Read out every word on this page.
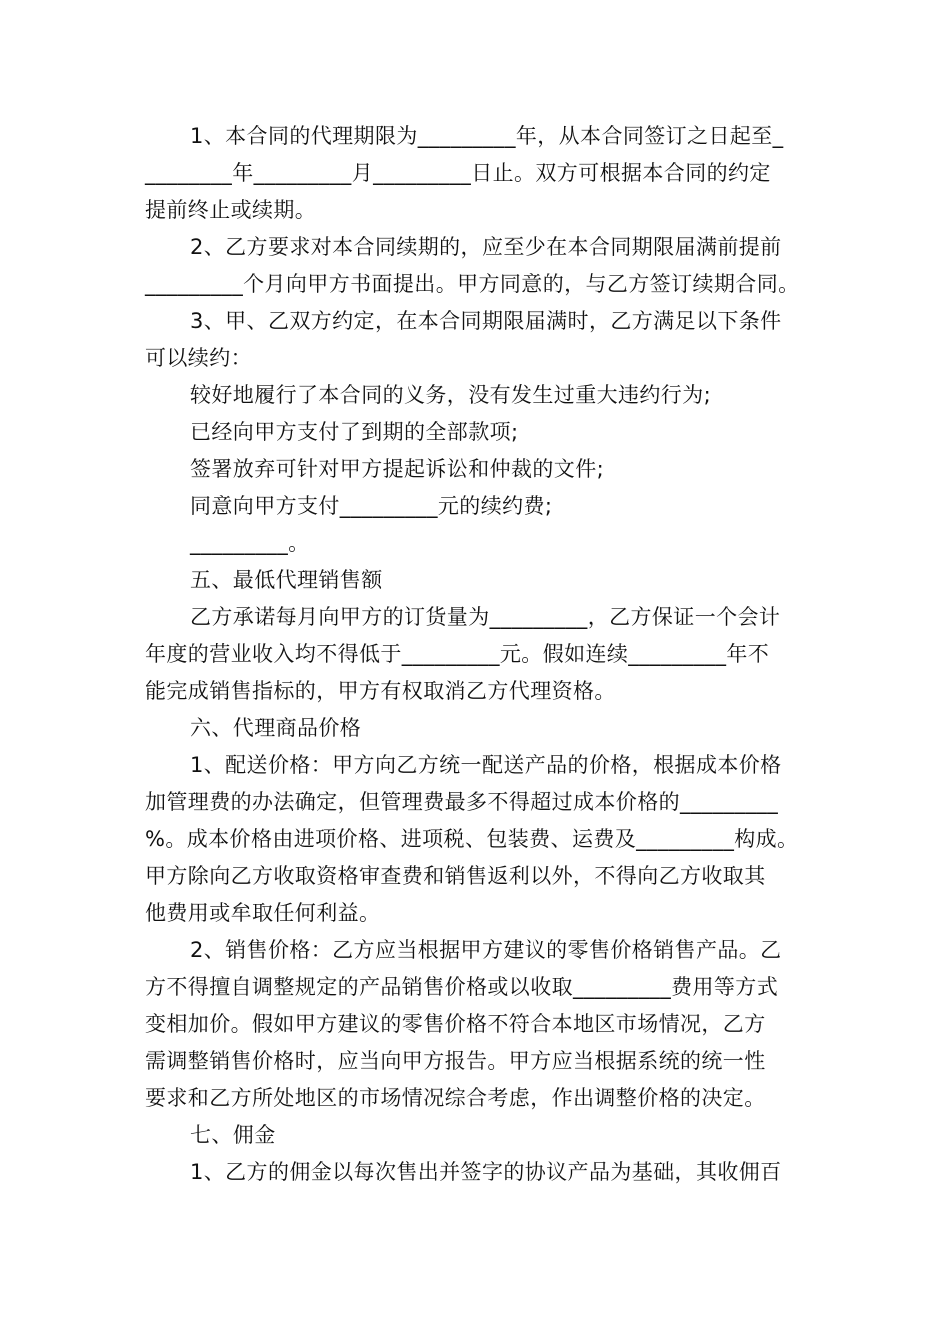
1、本合同的代理期限为_________年，从本合同签订之日起至_
________年_________月_________日止。双方可根据本合同的约定
提前终止或续期。
2、乙方要求对本合同续期的，应至少在本合同期限届满前提前
_________个月向甲方书面提出。甲方同意的，与乙方签订续期合同。
3、甲、乙双方约定，在本合同期限届满时，乙方满足以下条件
可以续约：
较好地履行了本合同的义务，没有发生过重大违约行为;
已经向甲方支付了到期的全部款项;
签署放弃可针对甲方提起诉讼和仲裁的文件;
同意向甲方支付_________元的续约费;
_________。
五、最低代理销售额
乙方承诺每月向甲方的订货量为_________，乙方保证一个会计
年度的营业收入均不得低于_________元。假如连续_________年不
能完成销售指标的，甲方有权取消乙方代理资格。
六、代理商品价格
1、配送价格：甲方向乙方统一配送产品的价格，根据成本价格
加管理费的办法确定，但管理费最多不得超过成本价格的_________
%。成本价格由进项价格、进项税、包装费、运费及_________构成。
甲方除向乙方收取资格审查费和销售返利以外，不得向乙方收取其
他费用或牟取任何利益。
2、销售价格：乙方应当根据甲方建议的零售价格销售产品。乙
方不得擅自调整规定的产品销售价格或以收取_________费用等方式
变相加价。假如甲方建议的零售价格不符合本地区市场情况，乙方
需调整销售价格时，应当向甲方报告。甲方应当根据系统的统一性
要求和乙方所处地区的市场情况综合考虑，作出调整价格的决定。
七、佣金
1、乙方的佣金以每次售出并签字的协议产品为基础，其收佣百
